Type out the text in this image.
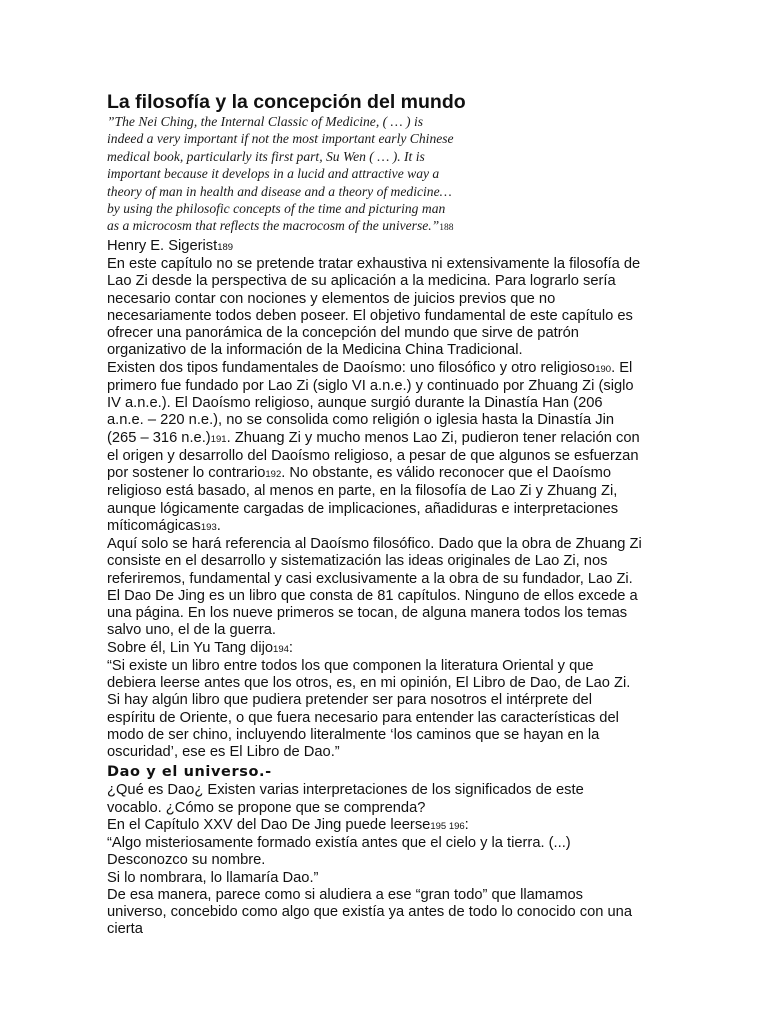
La filosofía y la concepción del mundo

”The Nei Ching, the Internal Classic of Medicine, ( … ) is indeed a very important if not the most important early Chinese medical book, particularly its first part, Su Wen ( … ). It is important because it develops in a lucid and attractive way a theory of man in health and disease and a theory of medicine… by using the philosofic concepts of the time and picturing man as a microcosm that reflects the macrocosm of the universe.”188

Henry E. Sigerist189

En este capítulo no se pretende tratar exhaustiva ni extensivamente la filosofía de Lao Zi desde la perspectiva de su aplicación a la medicina. Para lograrlo sería necesario contar con nociones y elementos de juicios previos que no necesariamente todos deben poseer. El objetivo fundamental de este capítulo es ofrecer una panorámica de la concepción del mundo que sirve de patrón organizativo de la información de la Medicina China Tradicional.

Existen dos tipos fundamentales de Daoísmo: uno filosófico y otro religioso190. El primero fue fundado por Lao Zi (siglo VI a.n.e.) y continuado por Zhuang Zi (siglo IV a.n.e.). El Daoísmo religioso, aunque surgió durante la Dinastía Han (206 a.n.e. – 220 n.e.), no se consolida como religión o iglesia hasta la Dinastía Jin (265 – 316 n.e.)191. Zhuang Zi y mucho menos Lao Zi, pudieron tener relación con el origen y desarrollo del Daoísmo religioso, a pesar de que algunos se esfuerzan por sostener lo contrario192. No obstante, es válido reconocer que el Daoísmo religioso está basado, al menos en parte, en la filosofía de Lao Zi y Zhuang Zi, aunque lógicamente cargadas de implicaciones, añadiduras e interpretaciones míticomágicas193.

Aquí solo se hará referencia al Daoísmo filosófico. Dado que la obra de Zhuang Zi consiste en el desarrollo y sistematización las ideas originales de Lao Zi, nos referiremos, fundamental y casi exclusivamente a la obra de su fundador, Lao Zi.

El Dao De Jing es un libro que consta de 81 capítulos. Ninguno de ellos excede a una página. En los nueve primeros se tocan, de alguna manera todos los temas salvo uno, el de la guerra.

Sobre él, Lin Yu Tang dijo194:

“Si existe un libro entre todos los que componen la literatura Oriental y que debiera leerse antes que los otros, es, en mi opinión, El Libro de Dao, de Lao Zi. Si hay algún libro que pudiera pretender ser para nosotros el intérprete del espíritu de Oriente, o que fuera necesario para entender las características del modo de ser chino, incluyendo literalmente ‘los caminos que se hayan en la oscuridad’, ese es El Libro de Dao.”

Dao y el universo.-

¿Qué es Dao¿ Existen varias interpretaciones de los significados de este vocablo. ¿Cómo se propone que se comprenda?

En el Capítulo XXV del Dao De Jing puede leerse195 196:

“Algo misteriosamente formado existía antes que el cielo y la tierra. (...)

Desconozco su nombre.

Si lo nombrara, lo llamaría Dao.”

De esa manera, parece como si aludiera a ese “gran todo” que llamamos universo, concebido como algo que existía ya antes de todo lo conocido con una cierta
